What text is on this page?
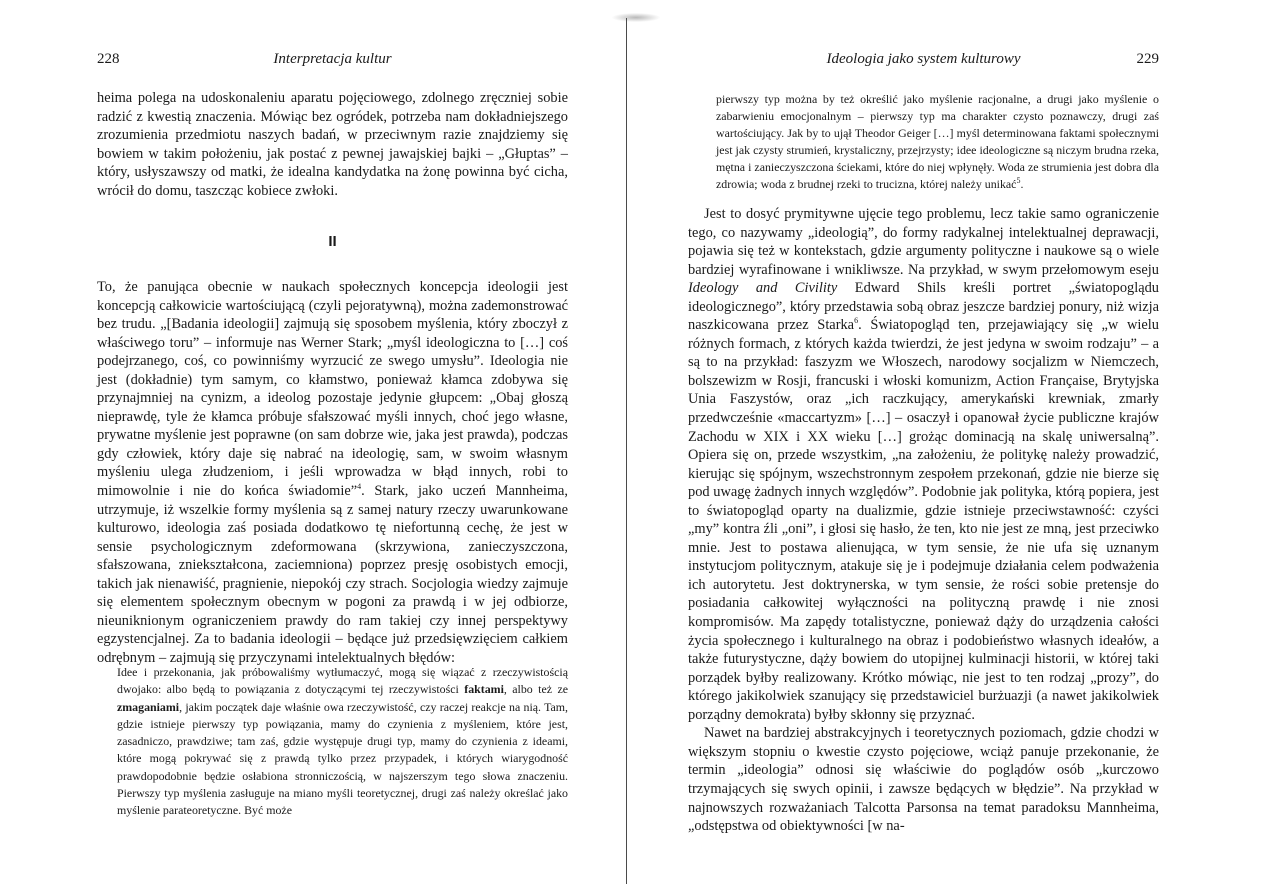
228	Interpretacja kultur

heima polega na udoskonaleniu aparatu pojęciowego, zdolnego zręczniej sobie radzić z kwestią znaczenia. Mówiąc bez ogródek, potrzeba nam dokładniejszego zrozumienia przedmiotu naszych badań, w przeciwnym razie znajdziemy się bowiem w takim położeniu, jak postać z pewnej jawajskiej bajki – „Głuptas” – który, usłyszawszy od matki, że idealna kandydatka na żonę powinna być cicha, wrócił do domu, taszcząc kobiece zwłoki.

II

To, że panująca obecnie w naukach społecznych koncepcja ideologii jest koncepcją całkowicie wartościującą (czyli pejoratywną), można zademonstrować bez trudu. „[Badania ideologii] zajmują się sposobem myślenia, który zboczył z właściwego toru” – informuje nas Werner Stark; „myśl ideologiczna to […] coś podejrzanego, coś, co powinniśmy wyrzucić ze swego umysłu”. Ideologia nie jest (dokładnie) tym samym, co kłamstwo, ponieważ kłamca zdobywa się przynajmniej na cynizm, a ideolog pozostaje jedynie głupcem: „Obaj głoszą nieprawdę, tyle że kłamca próbuje sfałszować myśli innych, choć jego własne, prywatne myślenie jest poprawne (on sam dobrze wie, jaka jest prawda), podczas gdy człowiek, który daje się nabrać na ideologię, sam, w swoim własnym myśleniu ulega złudzeniom, i jeśli wprowadza w błąd innych, robi to mimowolnie i nie do końca świadomie”$^4$. Stark, jako uczeń Mannheima, utrzymuje, iż wszelkie formy myślenia są z samej natury rzeczy uwarunkowane kulturowo, ideologia zaś posiada dodatkowo tę niefortunną cechę, że jest w sensie psychologicznym zdeformowana (skrzywiona, zanieczyszczona, sfałszowana, zniekształcona, zaciemniona) poprzez presję osobistych emocji, takich jak nienawiść, pragnienie, niepokój czy strach. Socjologia wiedzy zajmuje się elementem społecznym obecnym w pogoni za prawdą i w jej odbiorze, nieuniknionym ograniczeniem prawdy do ram takiej czy innej perspektywy egzystencjalnej. Za to badania ideologii – będące już przedsięwzięciem całkiem odrębnym – zajmują się przyczynami intelektualnych błędów:

Idee i przekonania, jak próbowaliśmy wytłumaczyć, mogą się wiązać z rzeczywistością dwojako: albo będą to powiązania z dotyczącymi tej rzeczywistości faktami, albo też ze zmaganiami, jakim początek daje właśnie owa rzeczywistość, czy raczej reakcje na nią. Tam, gdzie istnieje pierwszy typ powiązania, mamy do czynienia z myśleniem, które jest, zasadniczo, prawdziwe; tam zaś, gdzie występuje drugi typ, mamy do czynienia z ideami, które mogą pokrywać się z prawdą tylko przez przypadek, i których wiarygodność prawdopodobnie będzie osłabiona stronniczością, w najszerszym tego słowa znaczeniu. Pierwszy typ myślenia zasługuje na miano myśli teoretycznej, drugi zaś należy określać jako myślenie parateoretyczne. Być może
Ideologia jako system kulturowy	229
pierwszy typ można by też określić jako myślenie racjonalne, a drugi jako myślenie o zabarwieniu emocjonalnym – pierwszy typ ma charakter czysto poznawczy, drugi zaś wartościujący. Jak by to ujął Theodor Geiger […] myśl determinowana faktami społecznymi jest jak czysty strumień, krystaliczny, przejrzysty; idee ideologiczne są niczym brudna rzeka, mętna i zanieczyszczona ściekami, które do niej wpłynęły. Woda ze strumienia jest dobra dla zdrowia; woda z brudnej rzeki to trucizna, której należy unikać$^5$.

Jest to dosyć prymitywne ujęcie tego problemu, lecz takie samo ograniczenie tego, co nazywamy „ideologią”, do formy radykalnej intelektualnej deprawacji, pojawia się też w kontekstach, gdzie argumenty polityczne i naukowe są o wiele bardziej wyrafinowane i wnikliwsze. Na przykład, w swym przełomowym eseju Ideology and Civility Edward Shils kreśli portret „światopoglądu ideologicznego”, który przedstawia sobą obraz jeszcze bardziej ponury, niż wizja naszkicowana przez Starka$^6$. Światopogląd ten, przejawiający się „w wielu różnych formach, z których każda twierdzi, że jest jedyna w swoim rodzaju” – a są to na przykład: faszyzm we Włoszech, narodowy socjalizm w Niemczech, bolszewizm w Rosji, francuski i włoski komunizm, Action Française, Brytyjska Unia Faszystów, oraz „ich raczkujący, amerykański krewniak, zmarły przedwcześnie «maccartyzm» […] – osaczył i opanował życie publiczne krajów Zachodu w XIX i XX wieku […] grożąc dominacją na skalę uniwersalną”. Opiera się on, przede wszystkim, „na założeniu, że politykę należy prowadzić, kierując się spójnym, wszechstronnym zespołem przekonań, gdzie nie bierze się pod uwagę żadnych innych względów”. Podobnie jak polityka, którą popiera, jest to światopogląd oparty na dualizmie, gdzie istnieje przeciwstawność: czyści „my” kontra źli „oni”, i głosi się hasło, że ten, kto nie jest ze mną, jest przeciwko mnie. Jest to postawa alienująca, w tym sensie, że nie ufa się uznanym instytucjom politycznym, atakuje się je i podejmuje działania celem podważenia ich autorytetu. Jest doktrynerska, w tym sensie, że rości sobie pretensje do posiadania całkowitej wyłączności na polityczną prawdę i nie znosi kompromisów. Ma zapędy totalistyczne, ponieważ dąży do urządzenia całości życia społecznego i kulturalnego na obraz i podobieństwo własnych ideałów, a także futurystyczne, dąży bowiem do utopijnej kulminacji historii, w której taki porządek byłby realizowany. Krótko mówiąc, nie jest to ten rodzaj „prozy”, do którego jakikolwiek szanujący się przedstawiciel burżuazji (a nawet jakikolwiek porządny demokrata) byłby skłonny się przyznać.

Nawet na bardziej abstrakcyjnych i teoretycznych poziomach, gdzie chodzi w większym stopniu o kwestie czysto pojęciowe, wciąż panuje przekonanie, że termin „ideologia” odnosi się właściwie do poglądów osób „kurczowo trzymających się swych opinii, i zawsze będących w błędzie”. Na przykład w najnowszych rozważaniach Talcotta Parsonsa na temat paradoksu Mannheima, „odstępstwa od obiektywności [w na-
